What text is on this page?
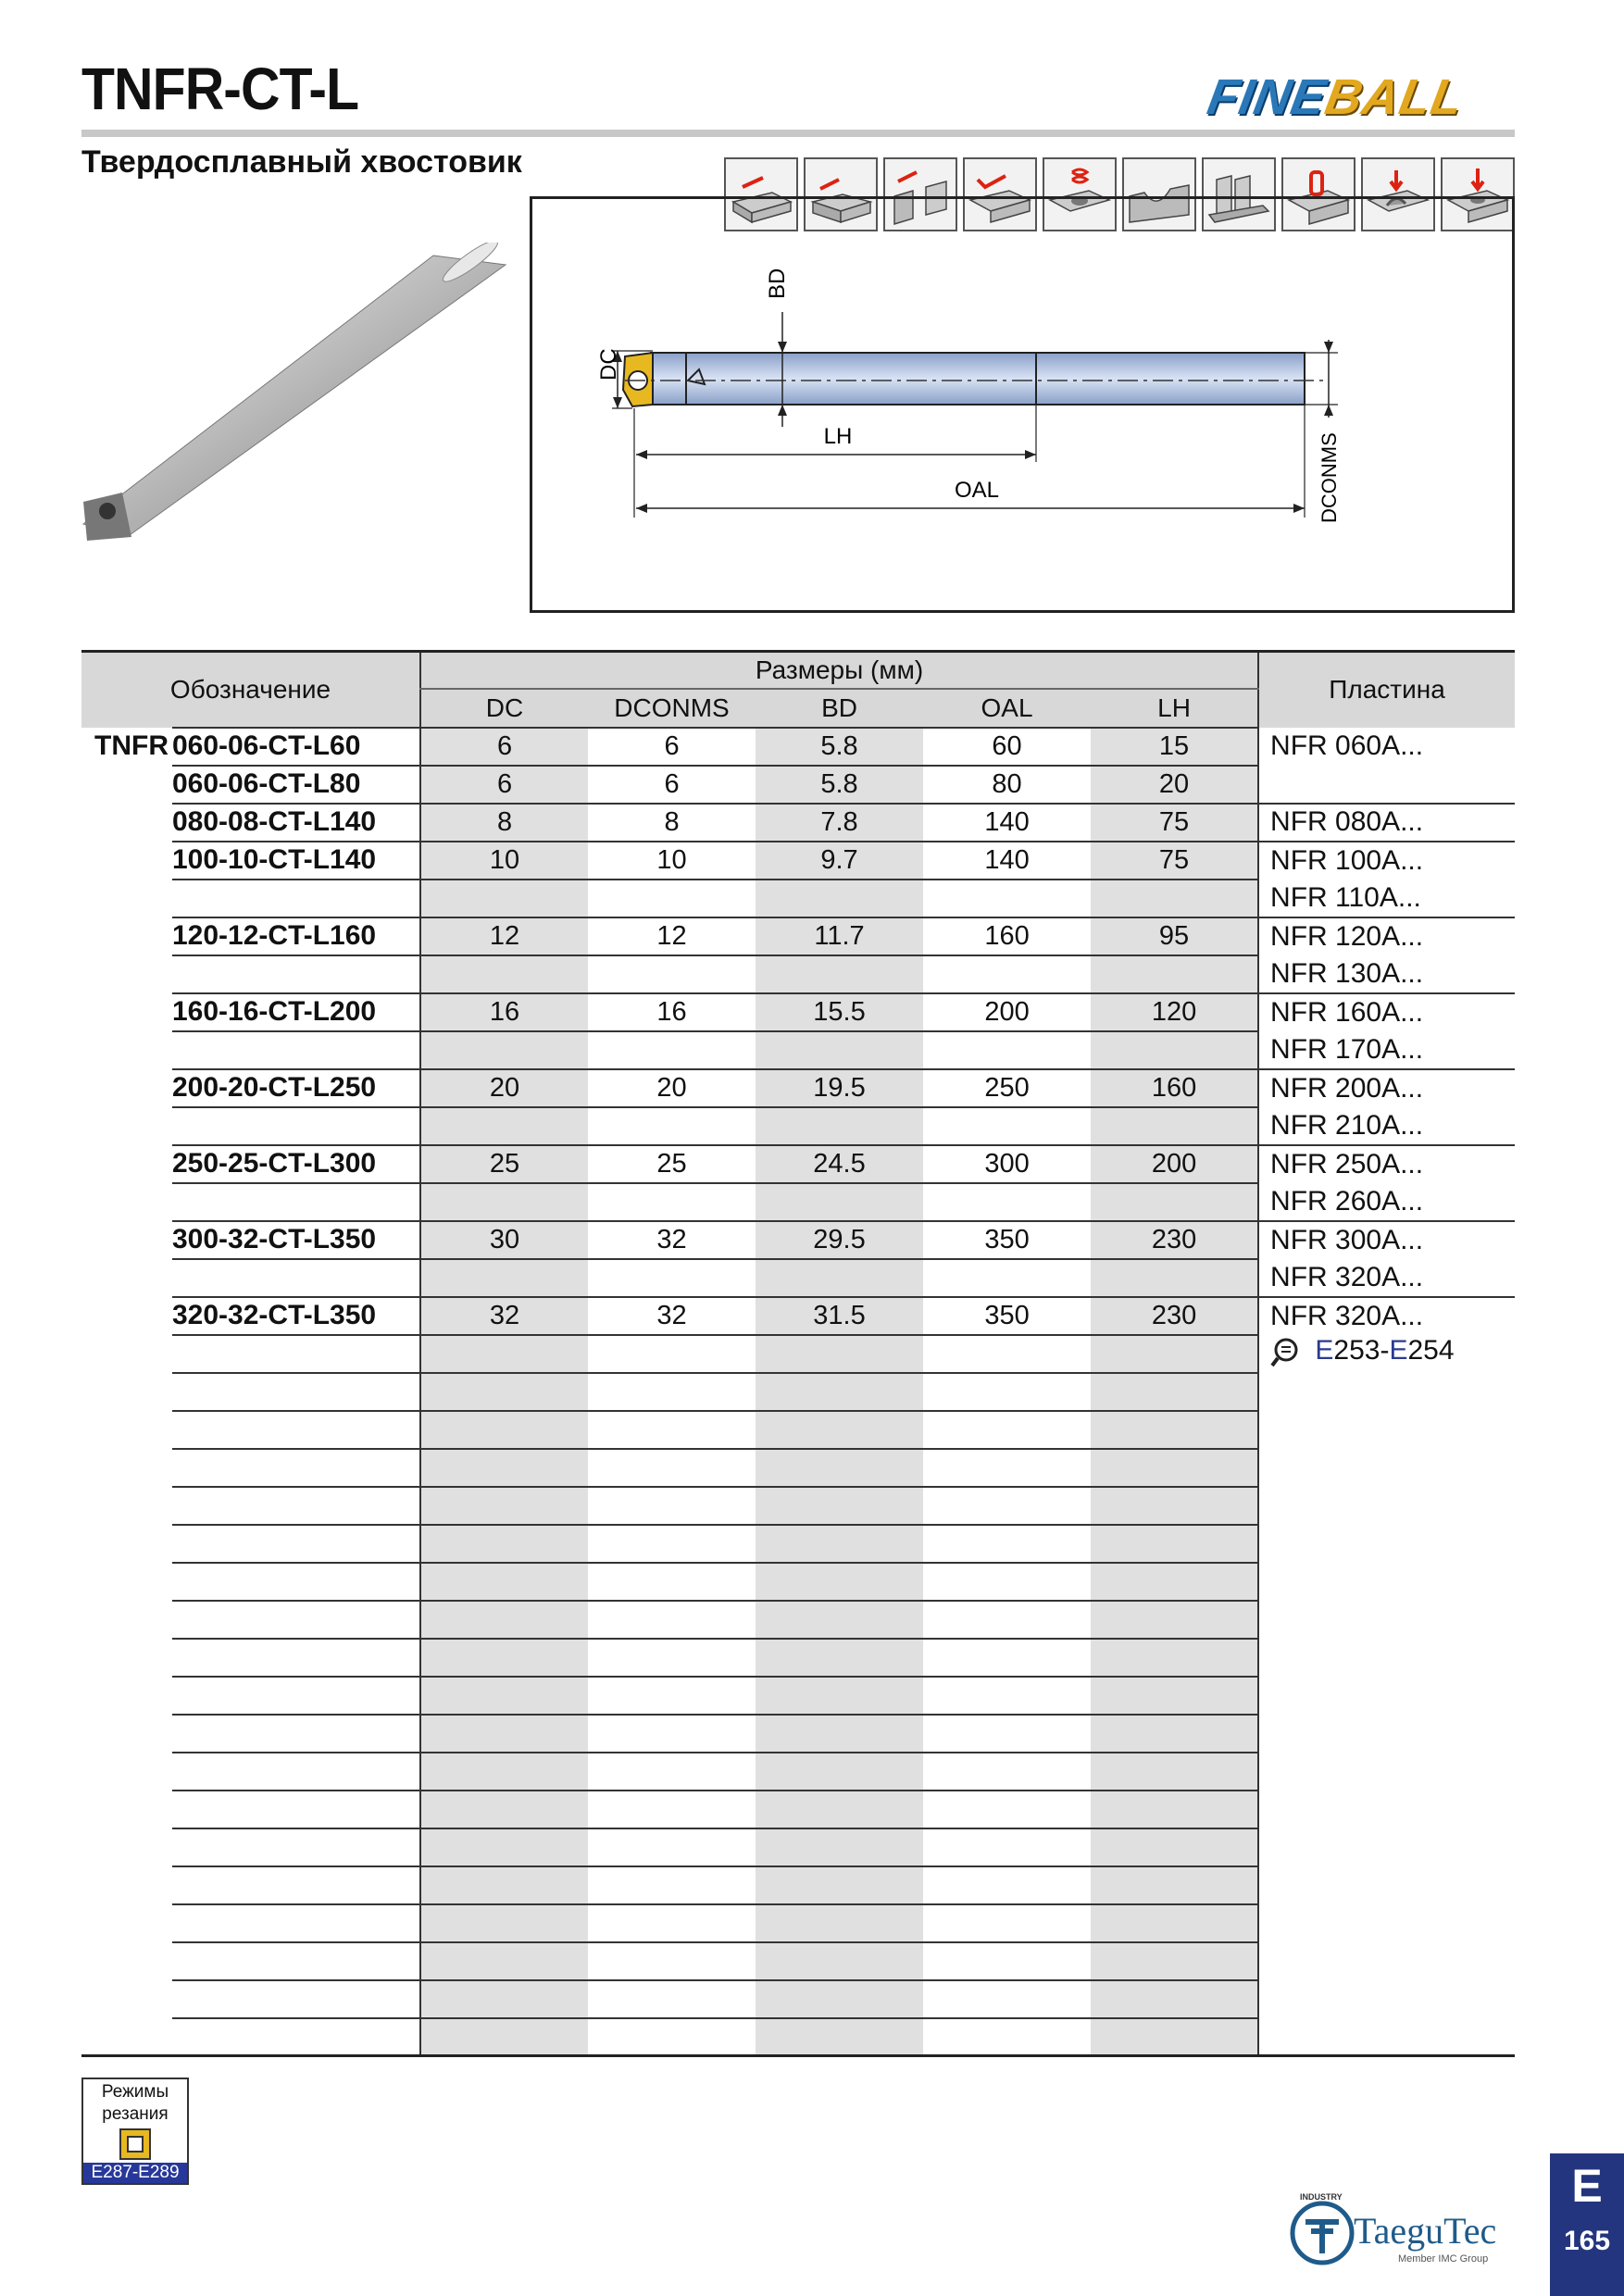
TNFR-CT-L
Твердосплавный хвостовик
FINEBALL
DC
BD
LH
OAL	DCONMS
Обозначение		Размеры (мм)					Пластина
		DC	DCONMS	BD	OAL	LH	
TNFR	060-06-CT-L60	6	6	5.8	60	15	NFR 060A...
	060-06-CT-L80	6	6	5.8	80	20	
	080-08-CT-L140	8	8	7.8	140	75	NFR 080A...
	100-10-CT-L140	10	10	9.7	140	75	NFR 100A...
							NFR 110A...
	120-12-CT-L160	12	12	11.7	160	95	NFR 120A...
							NFR 130A...
	160-16-CT-L200	16	16	15.5	200	120	NFR 160A...
							NFR 170A...
	200-20-CT-L250	20	20	19.5	250	160	NFR 200A...
							NFR 210A...
	250-25-CT-L300	25	25	24.5	300	200	NFR 250A...
							NFR 260A...
	300-32-CT-L350	30	32	29.5	350	230	NFR 300A...
							NFR 320A...
	320-32-CT-L350	32	32	31.5	350	230	NFR 320A...
							E253-E254

Режимы
резания
E287-E289
INDUSTRY
TaeguTec
Member IMC Group
E
165
